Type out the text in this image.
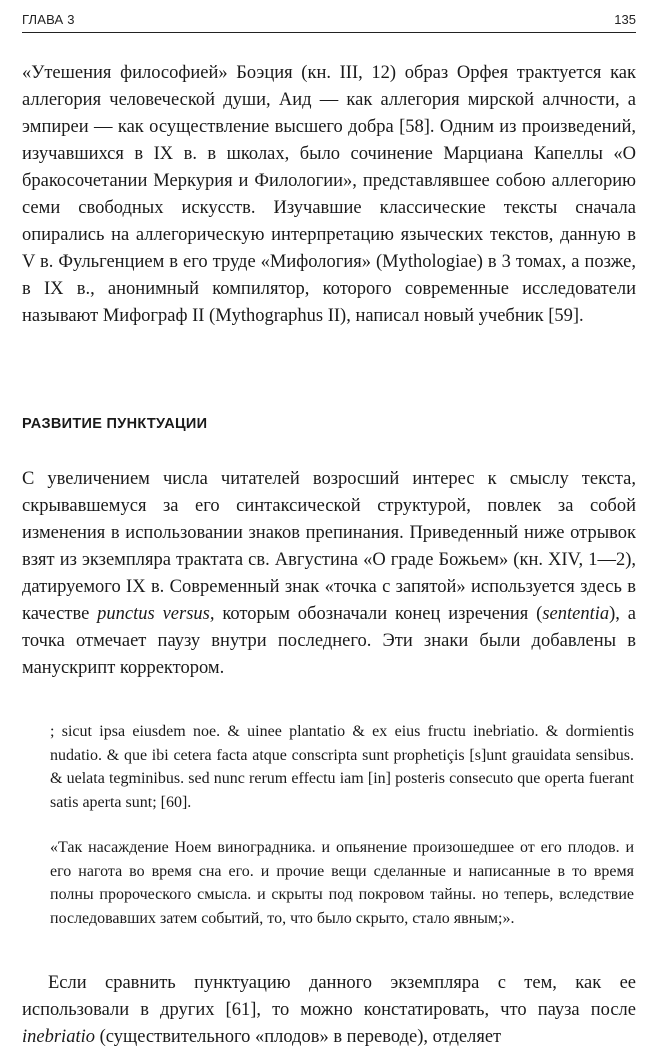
ГЛАВА 3	135

«Утешения философией» Боэция (кн. III, 12) образ Орфея трактуется как аллегория человеческой души, Аид — как аллегория мирской алчности, а эмпиреи — как осуществление высшего добра [58]. Одним из произведений, изучавшихся в IX в. в школах, было сочинение Марциана Капеллы «О бракосочетании Меркурия и Филологии», представлявшее собою аллегорию семи свободных искусств. Изучавшие классические тексты сначала опирались на аллегорическую интерпретацию языческих текстов, данную в V в. Фульгенцием в его труде «Мифология» (Mythologiae) в 3 томах, а позже, в IX в., анонимный компилятор, которого современные исследователи называют Мифограф II (Mythographus II), написал новый учебник [59].

РАЗВИТИЕ ПУНКТУАЦИИ

С увеличением числа читателей возросший интерес к смыслу текста, скрывавшемуся за его синтаксической структурой, повлек за собой изменения в использовании знаков препинания. Приведенный ниже отрывок взят из экземпляра трактата св. Августина «О граде Божьем» (кн. XIV, 1—2), датируемого IX в. Современный знак «точка с запятой» используется здесь в качестве punctus versus, которым обозначали конец изречения (sententia), а точка отмечает паузу внутри последнего. Эти знаки были добавлены в манускрипт корректором.

; sicut ipsa eiusdem noe. & uinee plantatio & ex eius fructu inebriatio. & dormientis nudatio. & que ibi cetera facta atque conscripta sunt prophetiçis [s]unt grauidata sensibus. & uelata tegminibus. sed nunc rerum effectu iam [in] posteris consecuto que operta fuerant satis aperta sunt; [60].

«Так насаждение Ноем виноградника. и опьянение произошедшее от его плодов. и его нагота во время сна его. и прочие вещи сделанные и написанные в то время полны пророческого смысла. и скрыты под покровом тайны. но теперь, вследствие последовавших затем событий, то, что было скрыто, стало явным;».

Если сравнить пунктуацию данного экземпляра с тем, как ее использовали в других [61], то можно констатировать, что пауза после inebriatio (существительного «плодов» в переводе), отделяет
